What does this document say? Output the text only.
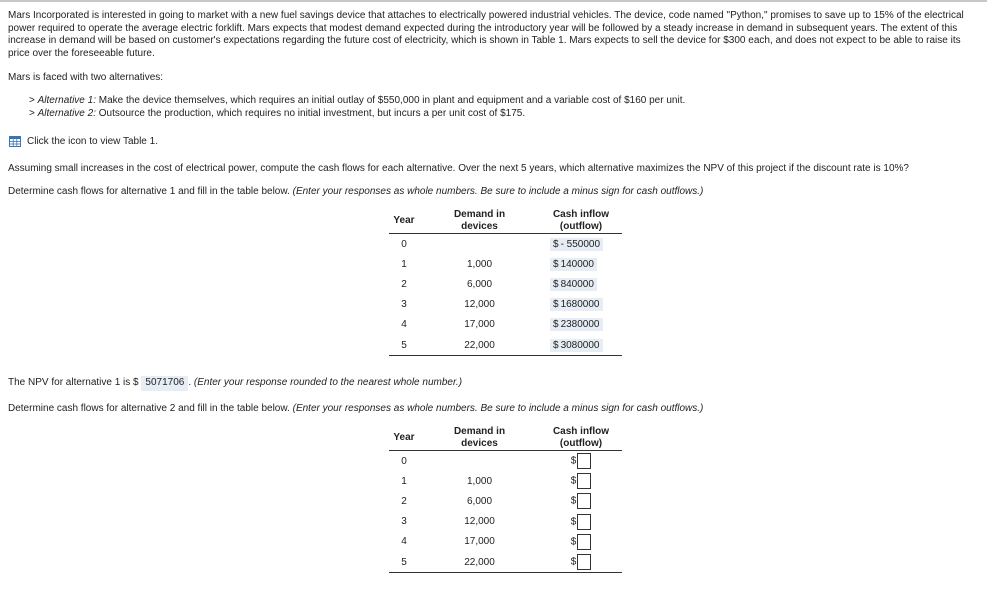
Mars Incorporated is interested in going to market with a new fuel savings device that attaches to electrically powered industrial vehicles. The device, code named "Python," promises to save up to 15% of the electrical power required to operate the average electric forklift. Mars expects that modest demand expected during the introductory year will be followed by a steady increase in demand in subsequent years. The extent of this increase in demand will be based on customer's expectations regarding the future cost of electricity, which is shown in Table 1. Mars expects to sell the device for $300 each, and does not expect to be able to raise its price over the foreseeable future.
Mars is faced with two alternatives:
> Alternative 1: Make the device themselves, which requires an initial outlay of $550,000 in plant and equipment and a variable cost of $160 per unit.
> Alternative 2: Outsource the production, which requires no initial investment, but incurs a per unit cost of $175.
Click the icon to view Table 1.
Assuming small increases in the cost of electrical power, compute the cash flows for each alternative. Over the next 5 years, which alternative maximizes the NPV of this project if the discount rate is 10%?
Determine cash flows for alternative 1 and fill in the table below. (Enter your responses as whole numbers. Be sure to include a minus sign for cash outflows.)
Year	Demand in
devices	Cash inflow
(outflow)
0		$ - 550000
1	1,000	$ 140000
2	6,000	$ 840000
3	12,000	$ 1680000
4	17,000	$ 2380000
5	22,000	$ 3080000
The NPV for alternative 1 is $ 5071706 . (Enter your response rounded to the nearest whole number.)
Determine cash flows for alternative 2 and fill in the table below. (Enter your responses as whole numbers. Be sure to include a minus sign for cash outflows.)
Year	Demand in
devices	Cash inflow
(outflow)
0		$
1	1,000	$
2	6,000	$
3	12,000	$
4	17,000	$
5	22,000	$
